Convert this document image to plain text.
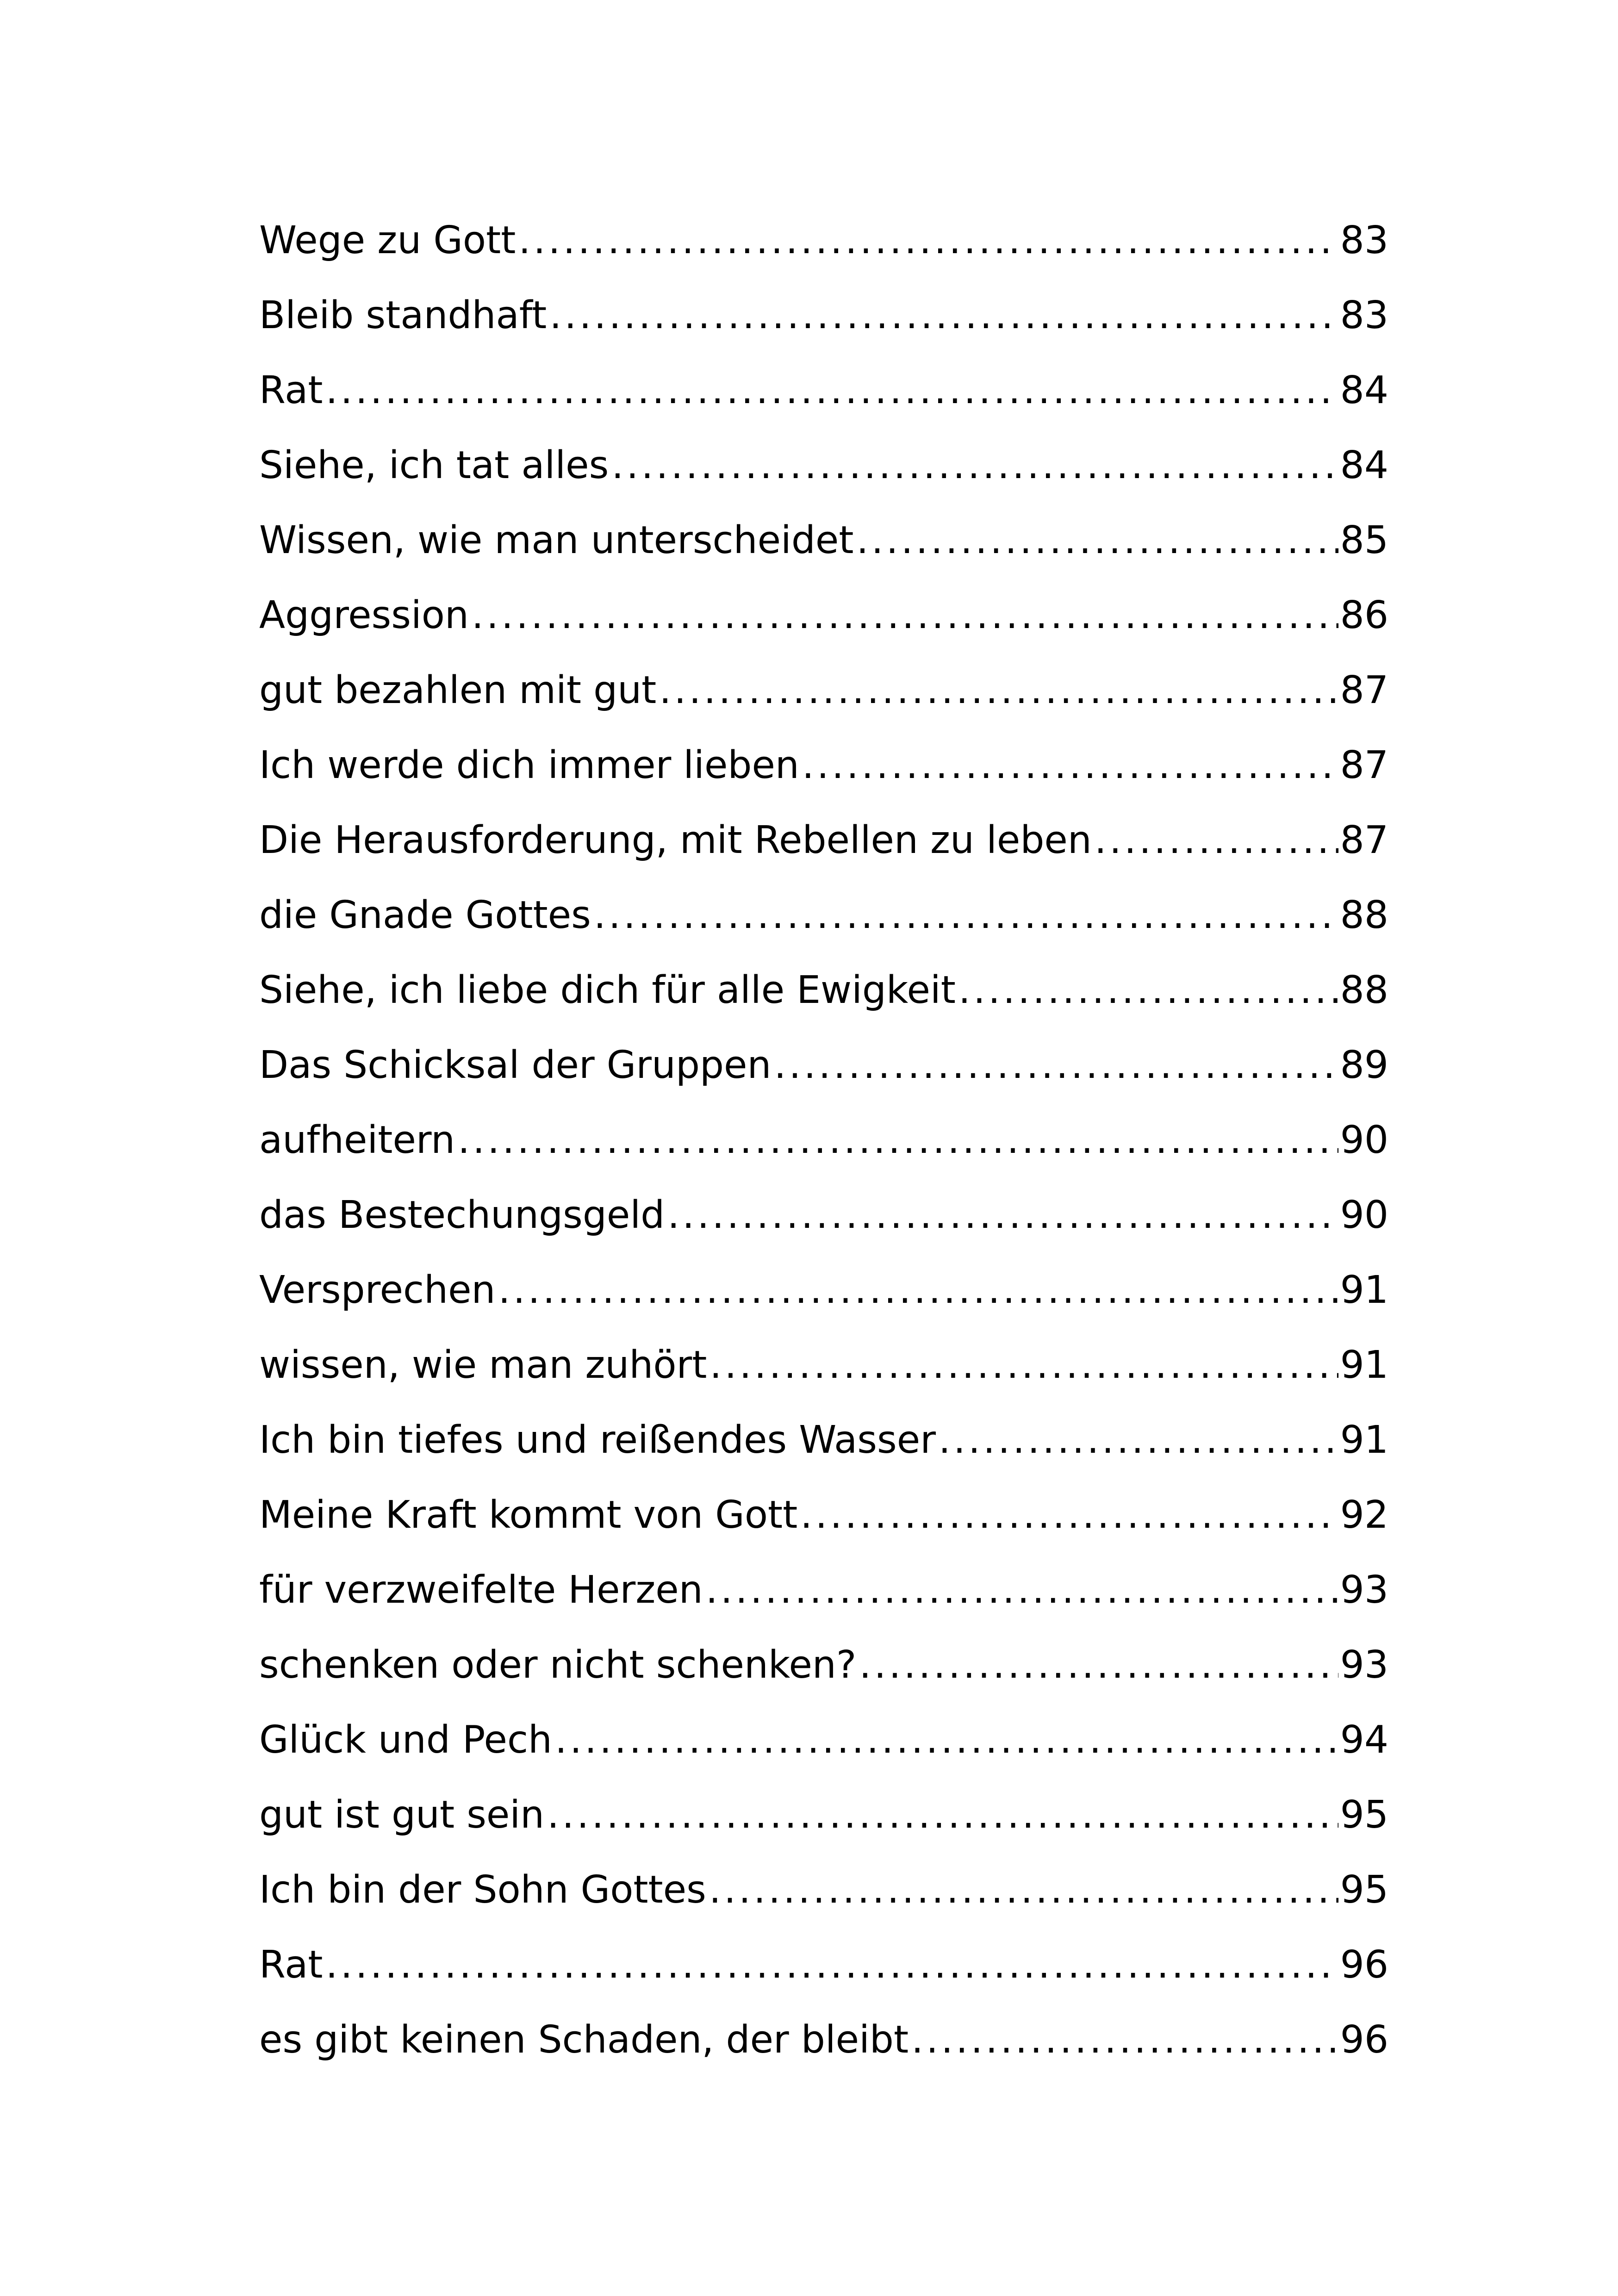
Wege zu Gott .....	83
Bleib standhaft .....	83
Rat .....	84
Siehe, ich tat alles .....	84
Wissen, wie man unterscheidet .....	85
Aggression .....	86
gut bezahlen mit gut .....	87
Ich werde dich immer lieben .....	87
Die Herausforderung, mit Rebellen zu leben .....	87
die Gnade Gottes .....	88
Siehe, ich liebe dich für alle Ewigkeit .....	88
Das Schicksal der Gruppen .....	89
aufheitern .....	90
das Bestechungsgeld .....	90
Versprechen .....	91
wissen, wie man zuhört .....	91
Ich bin tiefes und reißendes Wasser .....	91
Meine Kraft kommt von Gott .....	92
für verzweifelte Herzen .....	93
schenken oder nicht schenken? .....	93
Glück und Pech .....	94
gut ist gut sein .....	95
Ich bin der Sohn Gottes .....	95
Rat .....	96
es gibt keinen Schaden, der bleibt .....	96
